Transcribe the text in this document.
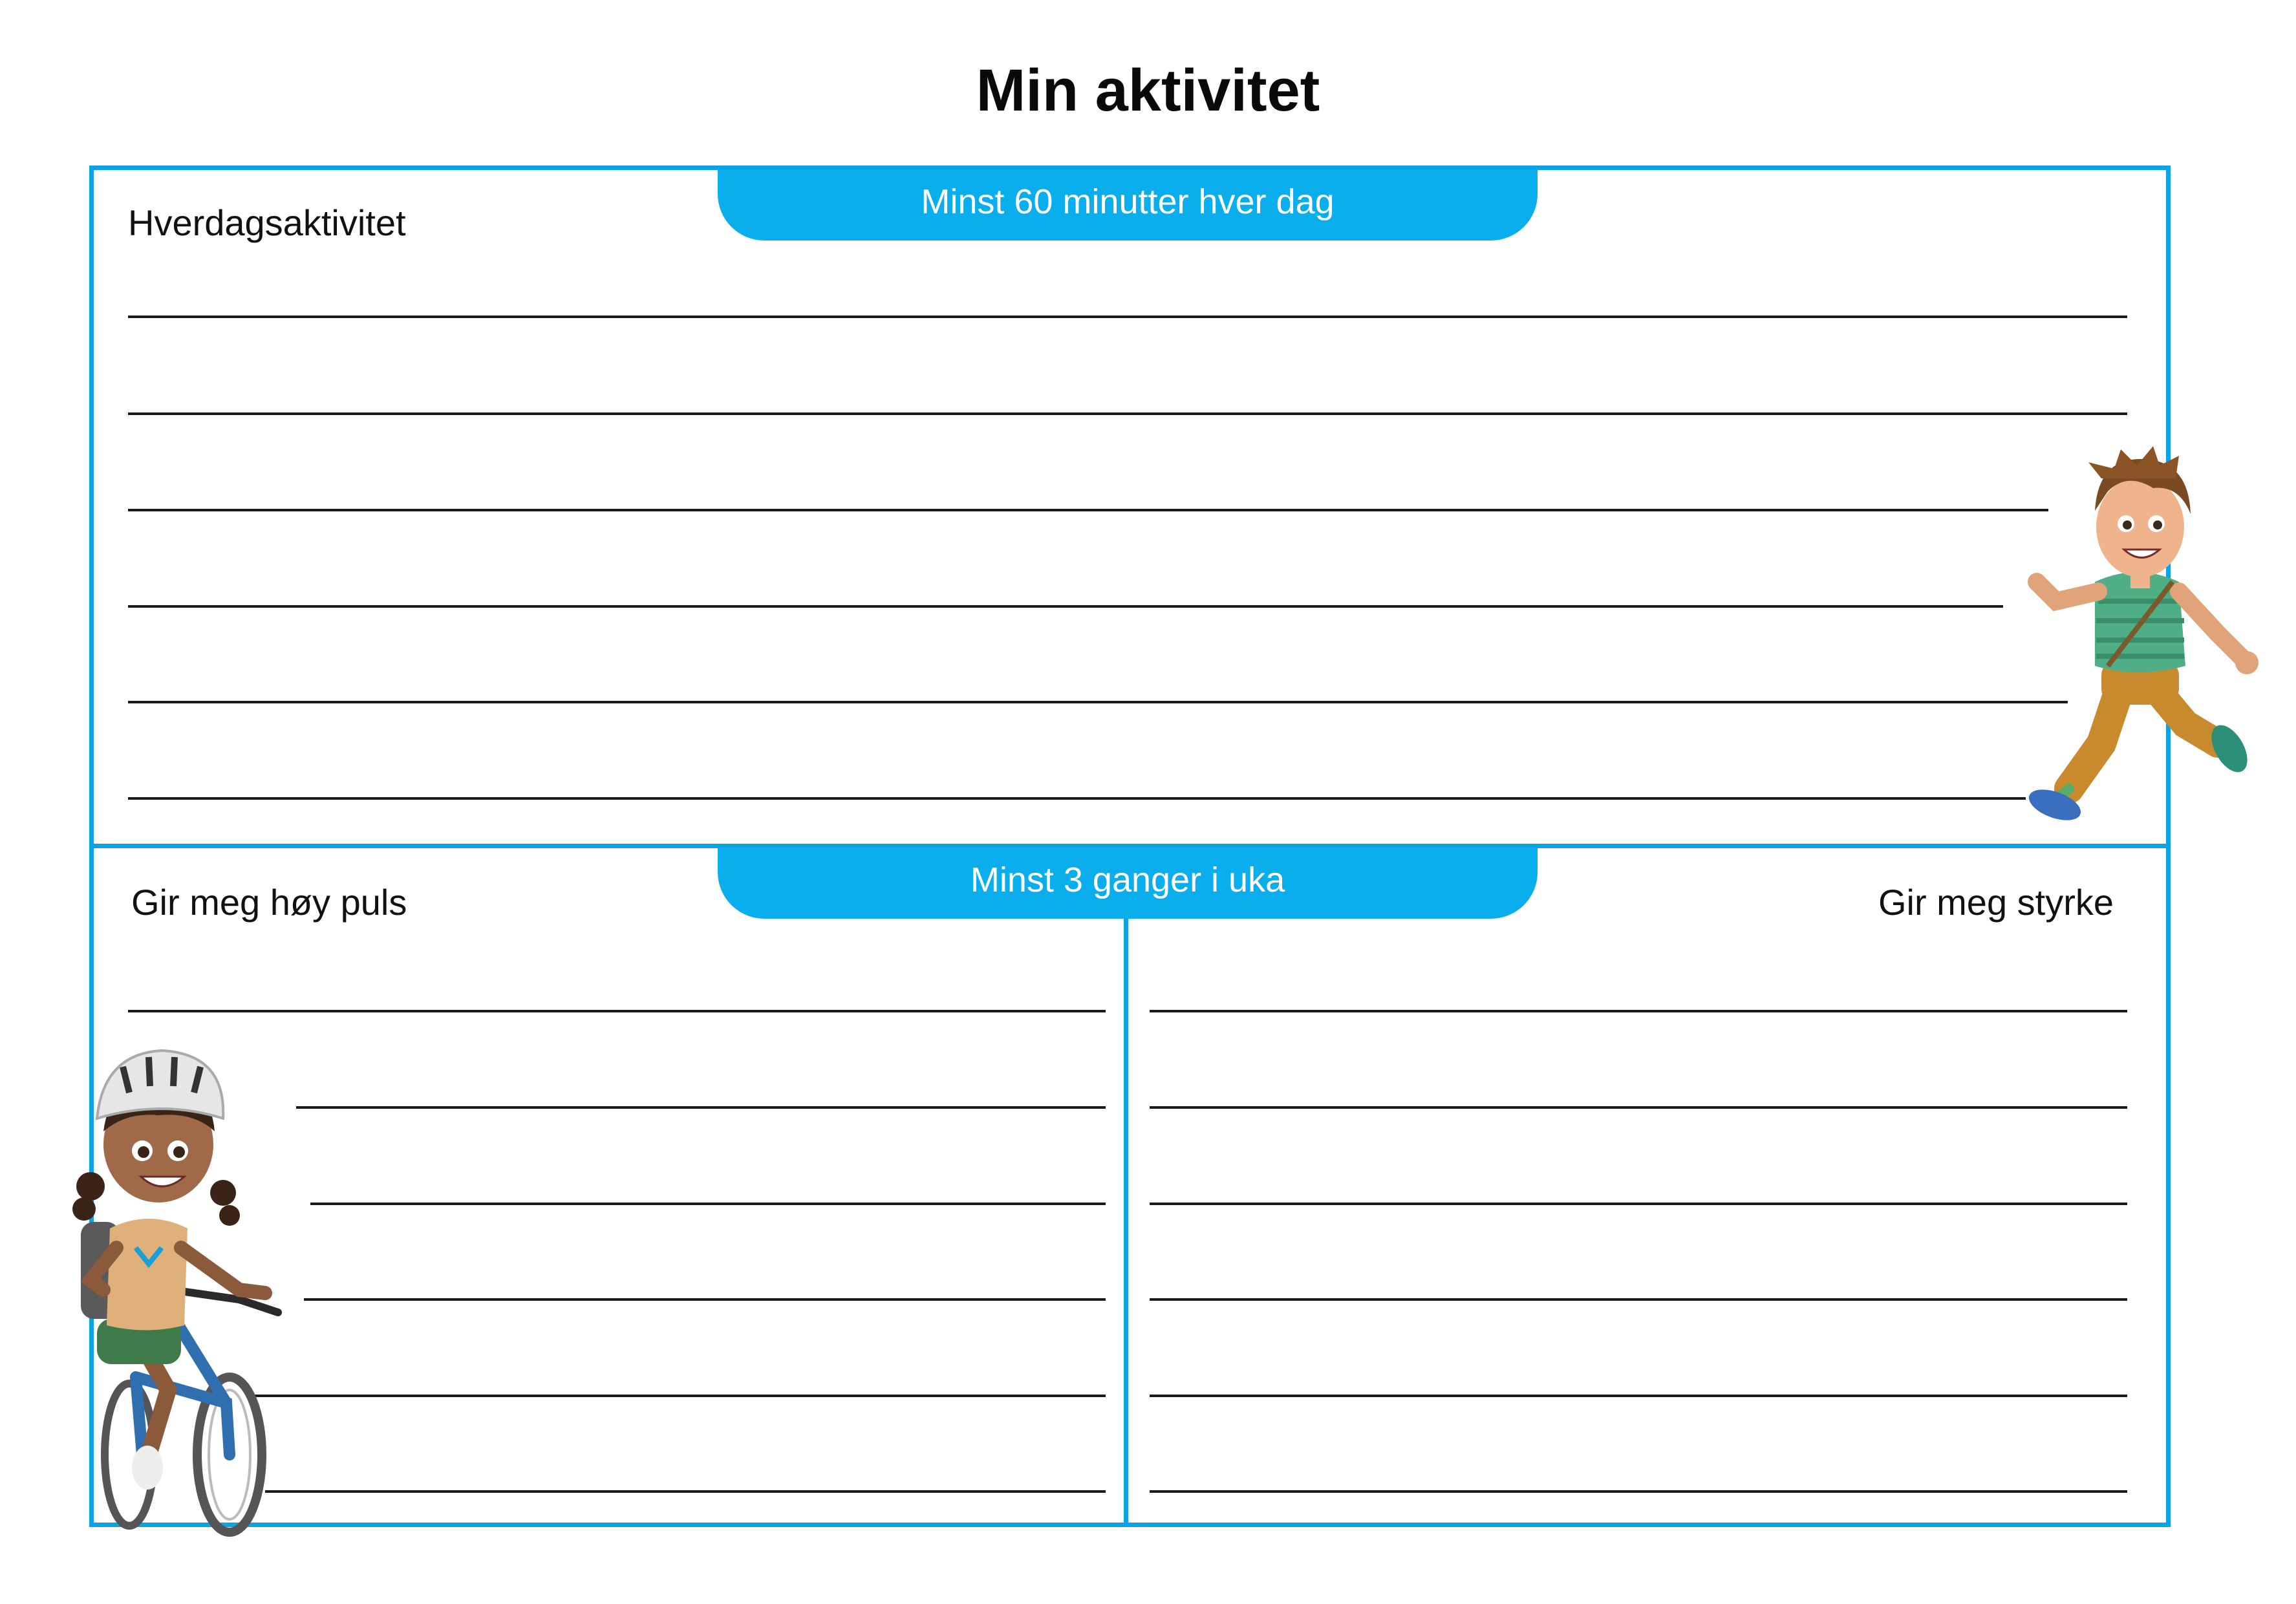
Min aktivitet
Minst 60 minutter hver dag
Hverdagsaktivitet
Minst 3 ganger i uka
Gir meg høy puls	Gir meg styrke
